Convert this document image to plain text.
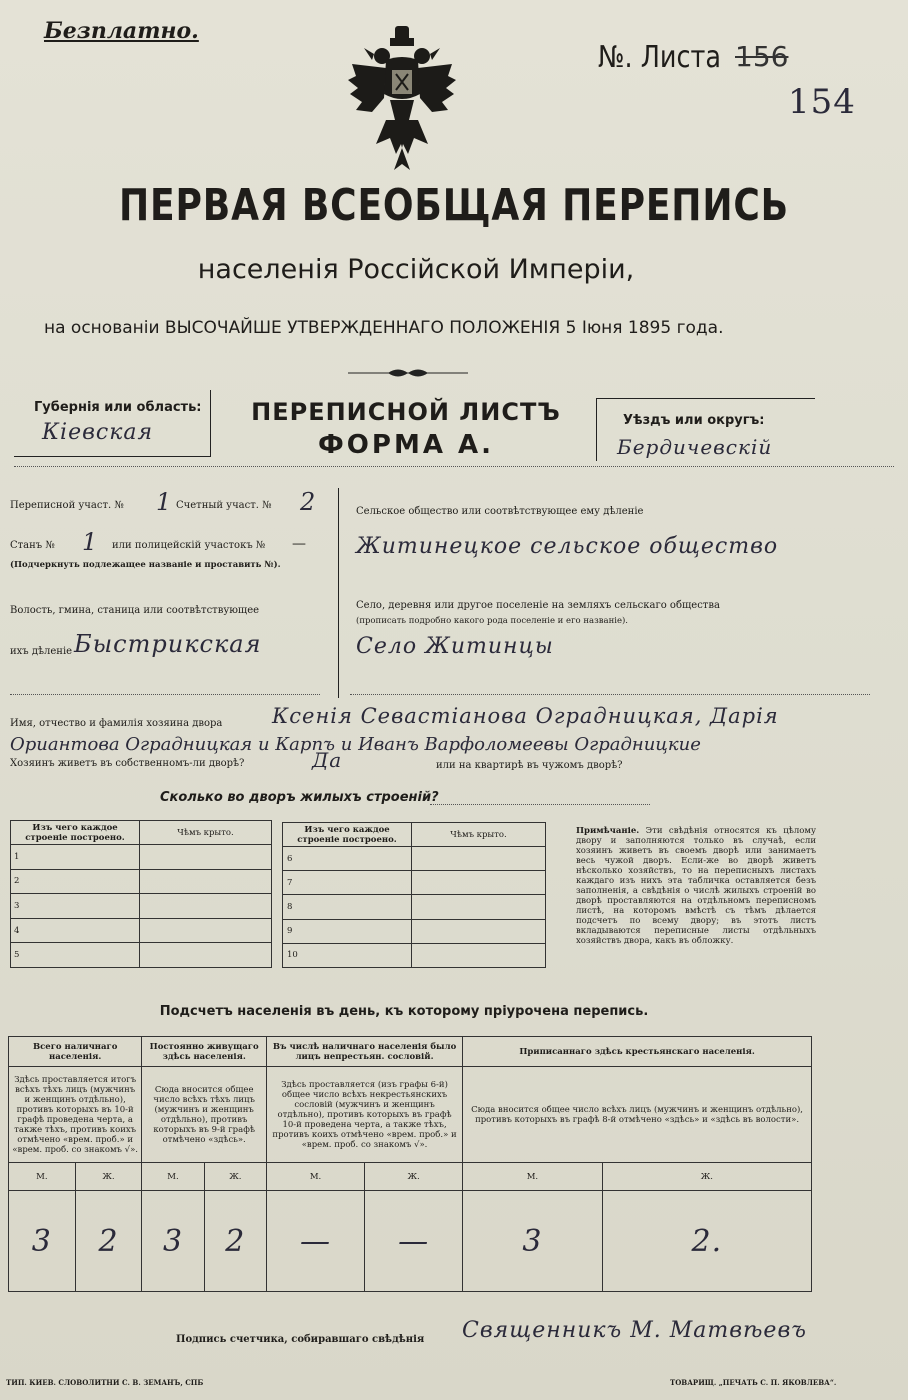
Безплатно.
№. Листа 156
154
ПЕРВАЯ ВСЕОБЩАЯ ПЕРЕПИСЬ
населенія Россійской Имперіи,
на основаніи ВЫСОЧАЙШЕ УТВЕРЖДЕННАГО ПОЛОЖЕНІЯ 5 Іюня 1895 года.
Губернія или область:
Кiевская
ПЕРЕПИСНОЙ ЛИСТЪ
ФОРМА А.
Уѣздъ или округъ:
Бердичевскiй
Переписной участ. № 1 Счетный участ. № 2
Станъ № 1 или полицейскій участокъ № —
(Подчеркнуть подлежащее названіе и проставить №).
Волость, гмина, станица или соотвѣтствующее
ихъ дѣленіе Быстрикская
Сельское общество или соотвѣтствующее ему дѣленіе
Житинецкое сельское общество
Село, деревня или другое поселеніе на земляхъ сельскаго общества
(прописать подробно какого рода поселеніе и его названіе).
Село Житинцы
Имя, отчество и фамилія хозяина двора Ксенiя Севастiанова Оградницкая, Дарiя
Ориантова Оградницкая и Карпъ и Иванъ Варфоломеевы Оградницкие
Хозяинъ живетъ въ собственномъ-ли дворѣ?	Да	или на квартирѣ въ чужомъ дворѣ?
Сколько во дворъ жилыхъ строеній?
Изъ чего каждое строеніе построено.	Чѣмъ крыто.
1	
2	
3	
4	
5	
Изъ чего каждое строеніе построено.	Чѣмъ крыто.
6	
7	
8	
9	
10	
Примѣчаніе. Эти свѣдѣнія относятся къ цѣлому двору и заполняются только въ случаѣ, если хозяинъ живетъ въ своемъ дворѣ или занимаетъ весь чужой дворъ. Если-же во дворѣ живетъ нѣсколько хозяйствъ, то на переписныхъ листахъ каждаго изъ нихъ эта табличка оставляется безъ заполненія, а свѣдѣнія о числѣ жилыхъ строеній во дворѣ проставляются на отдѣльномъ переписномъ листѣ, на которомъ вмѣстѣ съ тѣмъ дѣлается подсчетъ по всему двору; въ этотъ листъ вкладываются переписные листы отдѣльныхъ хозяйствъ двора, какъ въ обложку.
Подсчетъ населенія въ день, къ которому пріурочена перепись.
Всего наличнаго населенія.		Постоянно живущаго здѣсь населенія.		Въ числѣ наличнаго населенія было лицъ непрестьян. сословій.		Приписаннаго здѣсь крестьянскаго населенія.	
Здѣсь проставляется итогъ всѣхъ тѣхъ лицъ (мужчинъ и женщинъ отдѣльно), противъ которыхъ въ 10-й графѣ проведена черта, а также тѣхъ, противъ коихъ отмѣчено «врем. проб.» и «врем. проб. со знакомъ √».		Сюда вносится общее число всѣхъ тѣхъ лицъ (мужчинъ и женщинъ отдѣльно), противъ которыхъ въ 9-й графѣ отмѣчено «здѣсь».		Здѣсь проставляется (изъ графы 6-й) общее число всѣхъ некрестьянскихъ сословій (мужчинъ и женщинъ отдѣльно), противъ которыхъ въ графѣ 10-й проведена черта, а также тѣхъ, противъ коихъ отмѣчено «врем. проб.» и «врем. проб. со знакомъ √».		Сюда вносится общее число всѣхъ лицъ (мужчинъ и женщинъ отдѣльно), противъ которыхъ въ графѣ 8-й отмѣчено «здѣсь» и «здѣсь въ волости».	
М.	Ж.	М.	Ж.	М.	Ж.	М.	Ж.
3	2	3	2	—	—	3	2.
Подпись счетчика, собиравшаго свѣдѣнія Священникъ М. Матвѣевъ
ТИП. КИЕВ. СЛОВОЛИТНИ С. В. ЗЕМАНЪ, СПБ	ТОВАРИЩ. „ПЕЧАТЬ С. П. ЯКОВЛЕВА“.
